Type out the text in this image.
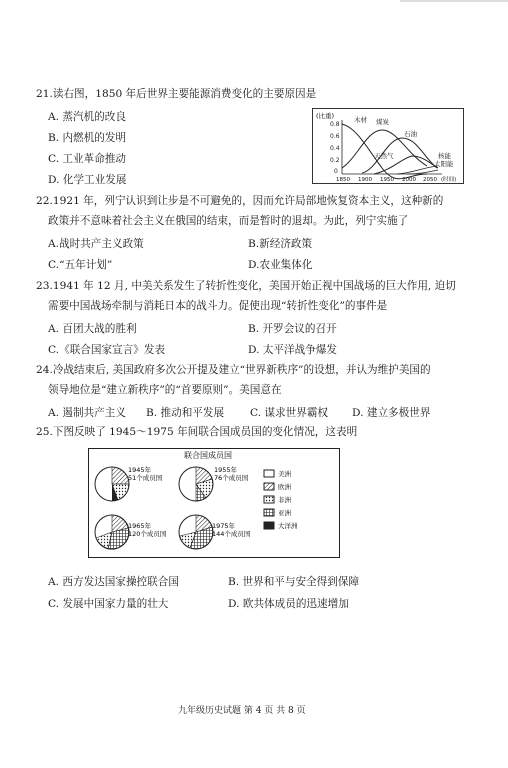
21.读右图，1850 年后世界主要能源消费变化的主要原因是
A. 蒸汽机的改良
B. 内燃机的发明
C. 工业革命推动
D. 化学工业发展
(比重)
0.8
0.6
0.4
0.2
0
木材 煤炭
石油
天然气	核能
太阳能
1850 1900 1950 2000 2050 (时间)
22.1921 年，列宁认识到让步是不可避免的，因而允许局部地恢复资本主义，这种新的
政策并不意味着社会主义在俄国的结束，而是暂时的退却。为此，列宁实施了
A.战时共产主义政策	B.新经济政策
C.“五年计划”	D.农业集体化
23.1941 年 12 月, 中美关系发生了转折性变化，美国开始正视中国战场的巨大作用, 迫切
需要中国战场牵制与消耗日本的战斗力。促使出现“转折性变化”的事件是
A. 百团大战的胜利	B. 开罗会议的召开
C.《联合国家宣言》发表	D. 太平洋战争爆发
24.冷战结束后, 美国政府多次公开提及建立“世界新秩序”的设想，并认为维护美国的
领导地位是“建立新秩序”的“首要原则”。美国意在
A. 遏制共产主义 B. 推动和平发展 C. 谋求世界霸权 D. 建立多极世界
25.下图反映了 1945～1975 年间联合国成员国的变化情况，这表明
联合国成员国
1945年
51个成员国
1955年
76个成员国
1965年
120个成员国
1975年
144个成员国
美洲
欧洲
非洲
亚洲
大洋洲
A. 西方发达国家操控联合国	B. 世界和平与安全得到保障
C. 发展中国家力量的壮大	D. 欧共体成员的迅速增加
九年级历史试题 第 4 页 共 8 页
